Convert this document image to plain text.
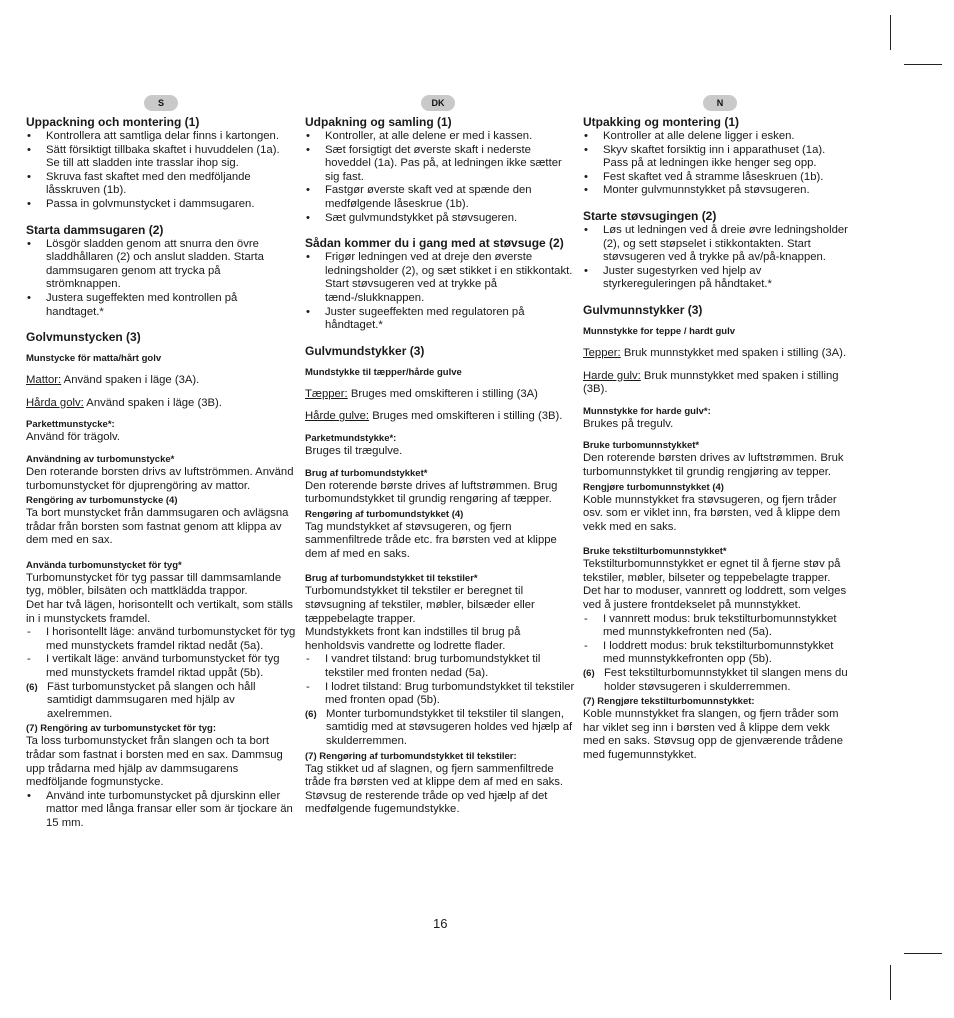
S
Uppackning och montering (1)
• Kontrollera att samtliga delar finns i kartongen.
• Sätt försiktigt tillbaka skaftet i huvuddelen (1a). Se till att sladden inte trasslar ihop sig.
• Skruva fast skaftet med den medföljande låsskruven (1b).
• Passa in golvmunstycket i dammsugaren.
Starta dammsugaren (2)
• Lösgör sladden genom att snurra den övre sladdhållaren (2) och anslut sladden. Starta dammsugaren genom att trycka på strömknappen.
• Justera sugeffekten med kontrollen på handtaget.*
Golvmunstycken (3)
Munstycke för matta/hårt golv

Mattor: Använd spaken i läge (3A).

Hårda golv: Använd spaken i läge (3B).

Parkettmunstycke*:

Använd för trägolv.

Användning av turbomunstycke*

Den roterande borsten drivs av luftströmmen. Använd turbomunstycket för djuprengöring av mattor.

Rengöring av turbomunstycke (4)

Ta bort munstycket från dammsugaren och avlägsna trådar från borsten som fastnat genom att klippa av dem med en sax.

Använda turbomunstycket för tyg*

Turbomunstycket för tyg passar till dammsamlande tyg, möbler, bilsäten och mattklädda trappor.

Det har två lägen, horisontellt och vertikalt, som ställs in i munstyckets framdel.

- I horisontellt läge: använd turbomunstycket för tyg med munstyckets framdel riktad nedåt (5a).
- I vertikalt läge: använd turbomunstycket för tyg med munstyckets framdel riktad uppåt (5b).
(6) Fäst turbomunstycket på slangen och håll samtidigt dammsugaren med hjälp av axelremmen.
(7) Rengöring av turbomunstycket för tyg:

Ta loss turbomunstycket från slangen och ta bort trådar som fastnat i borsten med en sax. Dammsug upp trådarna med hjälp av dammsugarens medföljande fogmunstycke.

• Använd inte turbomunstycket på djurskinn eller mattor med långa fransar eller som är tjockare än 15 mm.
DK
Udpakning og samling (1)
• Kontroller, at alle delene er med i kassen.
• Sæt forsigtigt det øverste skaft i nederste hoveddel (1a). Pas på, at ledningen ikke sætter sig fast.
• Fastgør øverste skaft ved at spænde den medfølgende låseskrue (1b).
• Sæt gulvmundstykket på støvsugeren.
Sådan kommer du i gang med at støvsuge (2)
• Frigør ledningen ved at dreje den øverste ledningsholder (2), og sæt stikket i en stikkontakt. Start støvsugeren ved at trykke på tænd-/slukknappen.
• Juster sugeeffekten med regulatoren på håndtaget.*
Gulvmundstykker (3)
Mundstykke til tæpper/hårde gulve

Tæpper: Bruges med omskifteren i stilling (3A)

Hårde gulve: Bruges med omskifteren i stilling (3B).

Parketmundstykke*:

Bruges til trægulve.

Brug af turbomundstykket*

Den roterende børste drives af luftstrømmen. Brug turbomundstykket til grundig rengøring af tæpper.

Rengøring af turbomundstykket (4)

Tag mundstykket af støvsugeren, og fjern sammenfiltrede tråde etc. fra børsten ved at klippe dem af med en saks.

Brug af turbomundstykket til tekstiler*

Turbomundstykket til tekstiler er beregnet til støvsugning af tekstiler, møbler, bilsæder eller tæppebelagte trapper.

Mundstykkets front kan indstilles til brug på henholdsvis vandrette og lodrette flader.

- I vandret tilstand: brug turbomundstykket til tekstiler med fronten nedad (5a).
- I lodret tilstand: Brug turbomundstykket til tekstiler med fronten opad (5b).
(6) Monter turbomundstykket til tekstiler til slangen, samtidig med at støvsugeren holdes ved hjælp af skulderremmen.
(7) Rengøring af turbomundstykket til tekstiler:

Tag stikket ud af slagnen, og fjern sammenfiltrede tråde fra børsten ved at klippe dem af med en saks. Støvsug de resterende tråde op ved hjælp af det medfølgende fugemundstykke.

N
Utpakking og montering (1)
• Kontroller at alle delene ligger i esken.
• Skyv skaftet forsiktig inn i apparathuset (1a). Pass på at ledningen ikke henger seg opp.
• Fest skaftet ved å stramme låseskruen (1b).
• Monter gulvmunnstykket på støvsugeren.
Starte støvsugingen (2)
• Løs ut ledningen ved å dreie øvre ledningsholder (2), og sett støpselet i stikkontakten. Start støvsugeren ved å trykke på av/på-knappen.
• Juster sugestyrken ved hjelp av styrkereguleringen på håndtaket.*
Gulvmunnstykker (3)
Munnstykke for teppe / hardt gulv

Tepper: Bruk munnstykket med spaken i stilling (3A).

Harde gulv: Bruk munnstykket med spaken i stilling (3B).

Munnstykke for harde gulv*:

Brukes på tregulv.

Bruke turbomunnstykket*

Den roterende børsten drives av luftstrømmen. Bruk turbomunnstykket til grundig rengjøring av tepper.

Rengjøre turbomunnstykket (4)

Koble munnstykket fra støvsugeren, og fjern tråder osv. som er viklet inn, fra børsten, ved å klippe dem vekk med en saks.

Bruke tekstilturbomunnstykket*

Tekstilturbomunnstykket er egnet til å fjerne støv på tekstiler, møbler, bilseter og teppebelagte trapper.

Det har to moduser, vannrett og loddrett, som velges ved å justere frontdekselet på munnstykket.

- I vannrett modus: bruk tekstilturbomunnstykket med munnstykkefronten ned (5a).
- I loddrett modus: bruk tekstilturbomunnstykket med munnstykkefronten opp (5b).
(6) Fest tekstilturbomunnstykket til slangen mens du holder støvsugeren i skulderremmen.
(7) Rengjøre tekstilturbomunnstykket:

Koble munnstykket fra slangen, og fjern tråder som har viklet seg inn i børsten ved å klippe dem vekk med en saks. Støvsug opp de gjenværende trådene med fugemunnstykket.

16
